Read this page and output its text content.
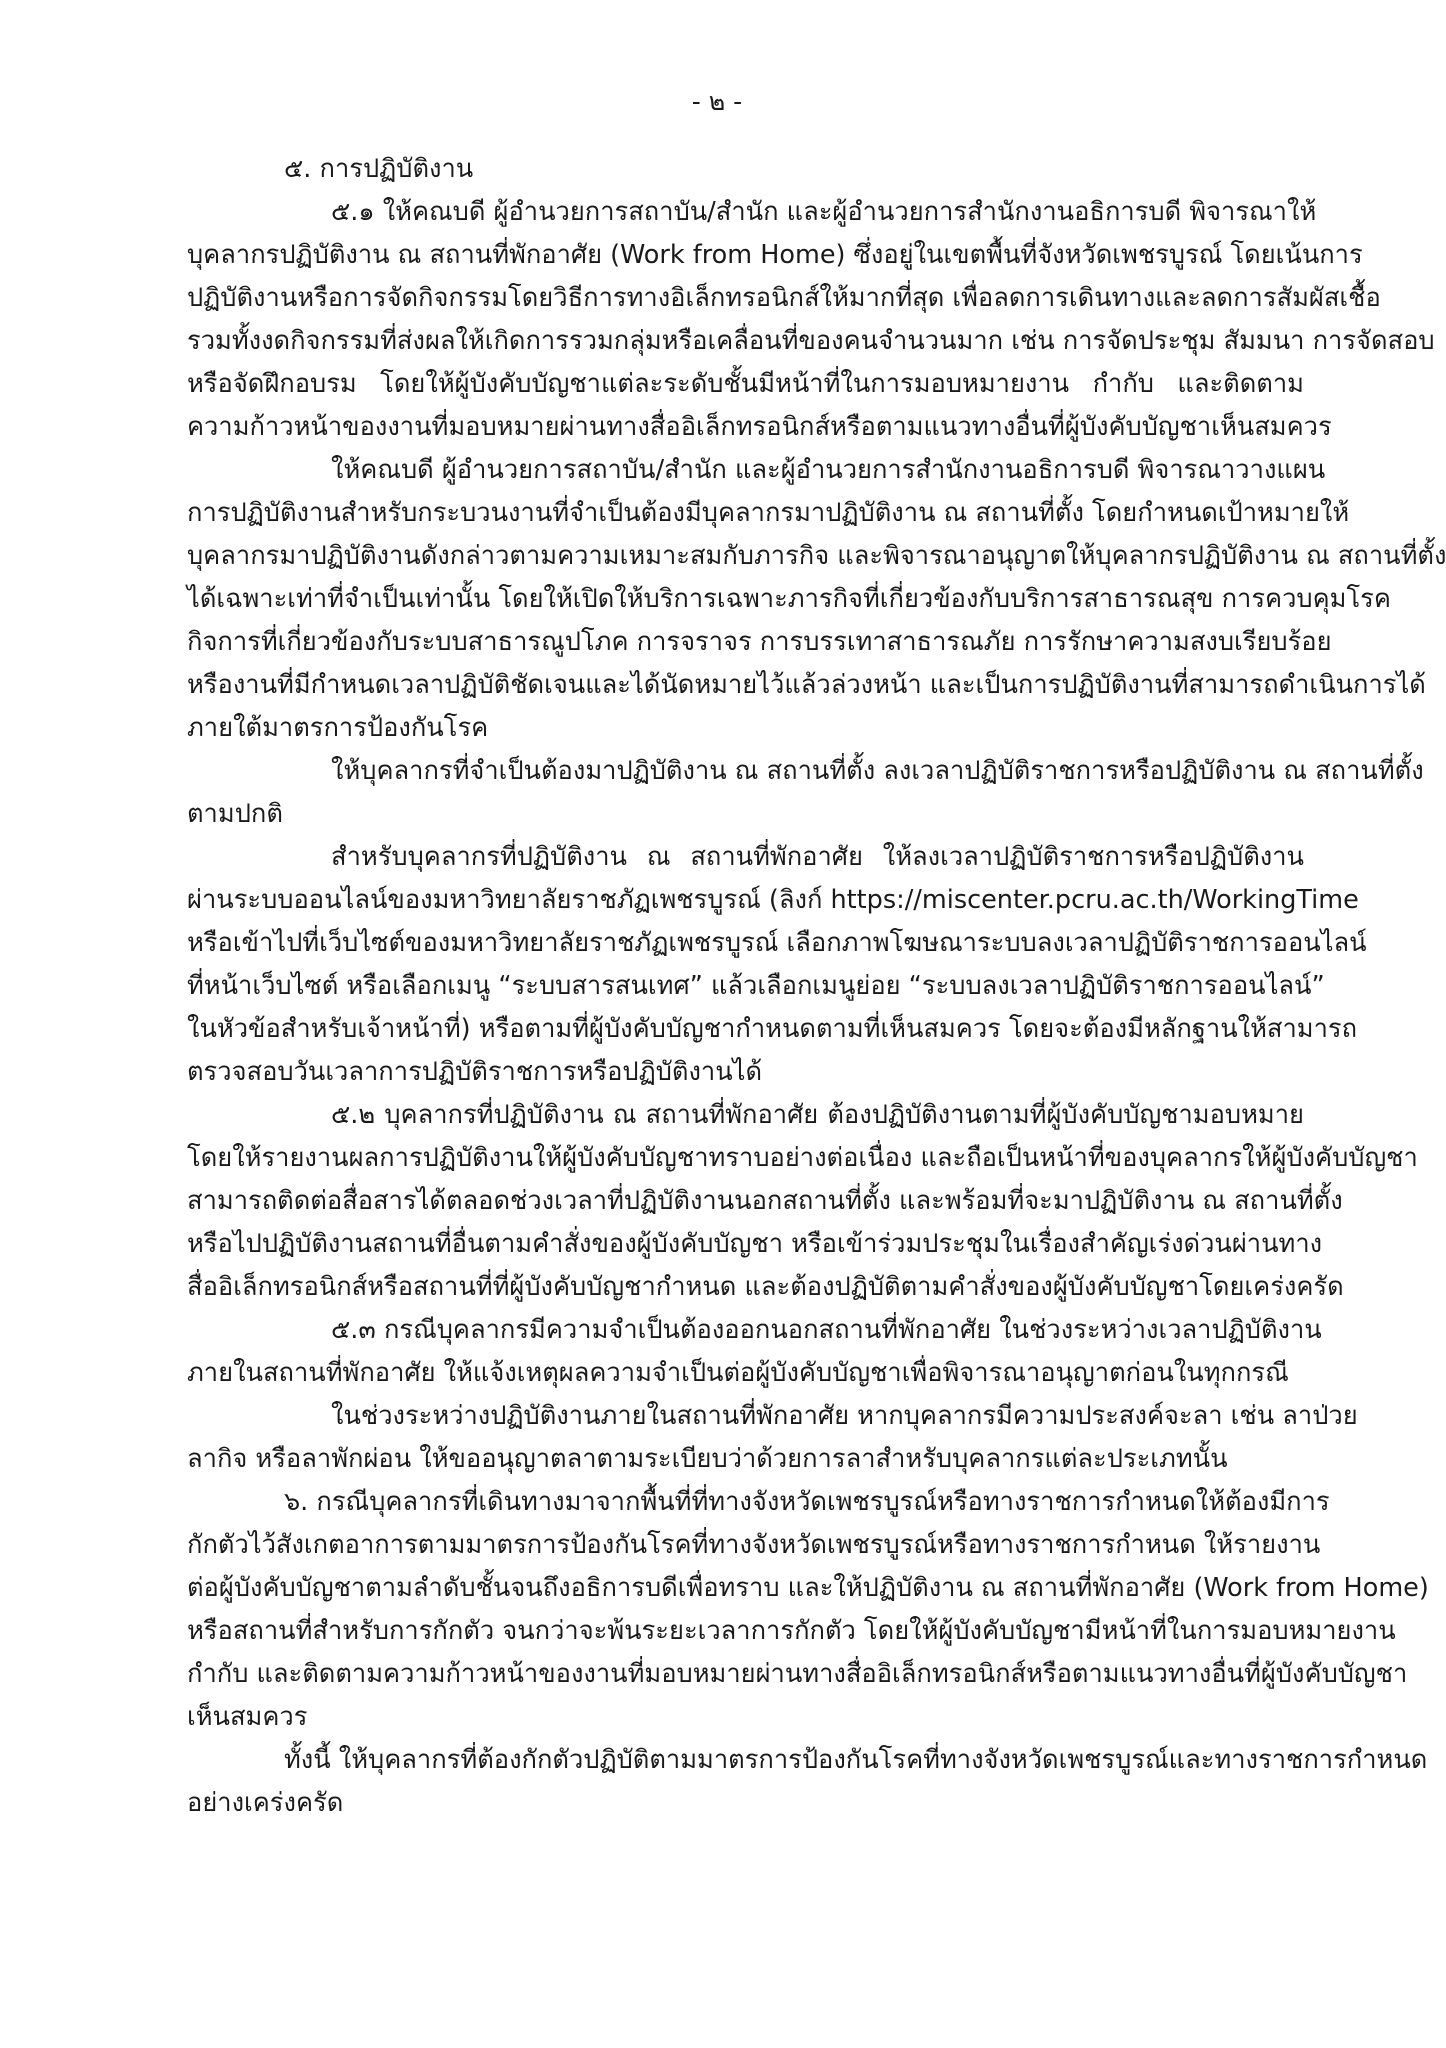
- ๒ -
๕. การปฏิบัติงาน
๕.๑ ให้คณบดี ผู้อำนวยการสถาบัน/สำนัก และผู้อำนวยการสำนักงานอธิการบดี พิจารณาให้
บุคลากรปฏิบัติงาน ณ สถานที่พักอาศัย (Work from Home) ซึ่งอยู่ในเขตพื้นที่จังหวัดเพชรบูรณ์ โดยเน้นการ
ปฏิบัติงานหรือการจัดกิจกรรมโดยวิธีการทางอิเล็กทรอนิกส์ให้มากที่สุด เพื่อลดการเดินทางและลดการสัมผัสเชื้อ
รวมทั้งงดกิจกรรมที่ส่งผลให้เกิดการรวมกลุ่มหรือเคลื่อนที่ของคนจำนวนมาก เช่น การจัดประชุม สัมมนา การจัดสอบ
หรือจัดฝึกอบรม โดยให้ผู้บังคับบัญชาแต่ละระดับชั้นมีหน้าที่ในการมอบหมายงาน กำกับ และติดตาม
ความก้าวหน้าของงานที่มอบหมายผ่านทางสื่ออิเล็กทรอนิกส์หรือตามแนวทางอื่นที่ผู้บังคับบัญชาเห็นสมควร
ให้คณบดี ผู้อำนวยการสถาบัน/สำนัก และผู้อำนวยการสำนักงานอธิการบดี พิจารณาวางแผน
การปฏิบัติงานสำหรับกระบวนงานที่จำเป็นต้องมีบุคลากรมาปฏิบัติงาน ณ สถานที่ตั้ง โดยกำหนดเป้าหมายให้
บุคลากรมาปฏิบัติงานดังกล่าวตามความเหมาะสมกับภารกิจ และพิจารณาอนุญาตให้บุคลากรปฏิบัติงาน ณ สถานที่ตั้ง
ได้เฉพาะเท่าที่จำเป็นเท่านั้น โดยให้เปิดให้บริการเฉพาะภารกิจที่เกี่ยวข้องกับบริการสาธารณสุข การควบคุมโรค
กิจการที่เกี่ยวข้องกับระบบสาธารณูปโภค การจราจร การบรรเทาสาธารณภัย การรักษาความสงบเรียบร้อย
หรืองานที่มีกำหนดเวลาปฏิบัติชัดเจนและได้นัดหมายไว้แล้วล่วงหน้า และเป็นการปฏิบัติงานที่สามารถดำเนินการได้
ภายใต้มาตรการป้องกันโรค
ให้บุคลากรที่จำเป็นต้องมาปฏิบัติงาน ณ สถานที่ตั้ง ลงเวลาปฏิบัติราชการหรือปฏิบัติงาน ณ สถานที่ตั้ง
ตามปกติ
สำหรับบุคลากรที่ปฏิบัติงาน ณ สถานที่พักอาศัย ให้ลงเวลาปฏิบัติราชการหรือปฏิบัติงาน
ผ่านระบบออนไลน์ของมหาวิทยาลัยราชภัฏเพชรบูรณ์ (ลิงก์ https://miscenter.pcru.ac.th/WorkingTime
หรือเข้าไปที่เว็บไซต์ของมหาวิทยาลัยราชภัฏเพชรบูรณ์ เลือกภาพโฆษณาระบบลงเวลาปฏิบัติราชการออนไลน์
ที่หน้าเว็บไซต์ หรือเลือกเมนู “ระบบสารสนเทศ” แล้วเลือกเมนูย่อย “ระบบลงเวลาปฏิบัติราชการออนไลน์”
ในหัวข้อสำหรับเจ้าหน้าที่) หรือตามที่ผู้บังคับบัญชากำหนดตามที่เห็นสมควร โดยจะต้องมีหลักฐานให้สามารถ
ตรวจสอบวันเวลาการปฏิบัติราชการหรือปฏิบัติงานได้
๕.๒ บุคลากรที่ปฏิบัติงาน ณ สถานที่พักอาศัย ต้องปฏิบัติงานตามที่ผู้บังคับบัญชามอบหมาย
โดยให้รายงานผลการปฏิบัติงานให้ผู้บังคับบัญชาทราบอย่างต่อเนื่อง และถือเป็นหน้าที่ของบุคลากรให้ผู้บังคับบัญชา
สามารถติดต่อสื่อสารได้ตลอดช่วงเวลาที่ปฏิบัติงานนอกสถานที่ตั้ง และพร้อมที่จะมาปฏิบัติงาน ณ สถานที่ตั้ง
หรือไปปฏิบัติงานสถานที่อื่นตามคำสั่งของผู้บังคับบัญชา หรือเข้าร่วมประชุมในเรื่องสำคัญเร่งด่วนผ่านทาง
สื่ออิเล็กทรอนิกส์หรือสถานที่ที่ผู้บังคับบัญชากำหนด และต้องปฏิบัติตามคำสั่งของผู้บังคับบัญชาโดยเคร่งครัด
๕.๓ กรณีบุคลากรมีความจำเป็นต้องออกนอกสถานที่พักอาศัย ในช่วงระหว่างเวลาปฏิบัติงาน
ภายในสถานที่พักอาศัย ให้แจ้งเหตุผลความจำเป็นต่อผู้บังคับบัญชาเพื่อพิจารณาอนุญาตก่อนในทุกกรณี
ในช่วงระหว่างปฏิบัติงานภายในสถานที่พักอาศัย หากบุคลากรมีความประสงค์จะลา เช่น ลาป่วย
ลากิจ หรือลาพักผ่อน ให้ขออนุญาตลาตามระเบียบว่าด้วยการลาสำหรับบุคลากรแต่ละประเภทนั้น
๖. กรณีบุคลากรที่เดินทางมาจากพื้นที่ที่ทางจังหวัดเพชรบูรณ์หรือทางราชการกำหนดให้ต้องมีการ
กักตัวไว้สังเกตอาการตามมาตรการป้องกันโรคที่ทางจังหวัดเพชรบูรณ์หรือทางราชการกำหนด ให้รายงาน
ต่อผู้บังคับบัญชาตามลำดับชั้นจนถึงอธิการบดีเพื่อทราบ และให้ปฏิบัติงาน ณ สถานที่พักอาศัย (Work from Home)
หรือสถานที่สำหรับการกักตัว จนกว่าจะพ้นระยะเวลาการกักตัว โดยให้ผู้บังคับบัญชามีหน้าที่ในการมอบหมายงาน
กำกับ และติดตามความก้าวหน้าของงานที่มอบหมายผ่านทางสื่ออิเล็กทรอนิกส์หรือตามแนวทางอื่นที่ผู้บังคับบัญชา
เห็นสมควร
ทั้งนี้ ให้บุคลากรที่ต้องกักตัวปฏิบัติตามมาตรการป้องกันโรคที่ทางจังหวัดเพชรบูรณ์และทางราชการกำหนด
อย่างเคร่งครัด
